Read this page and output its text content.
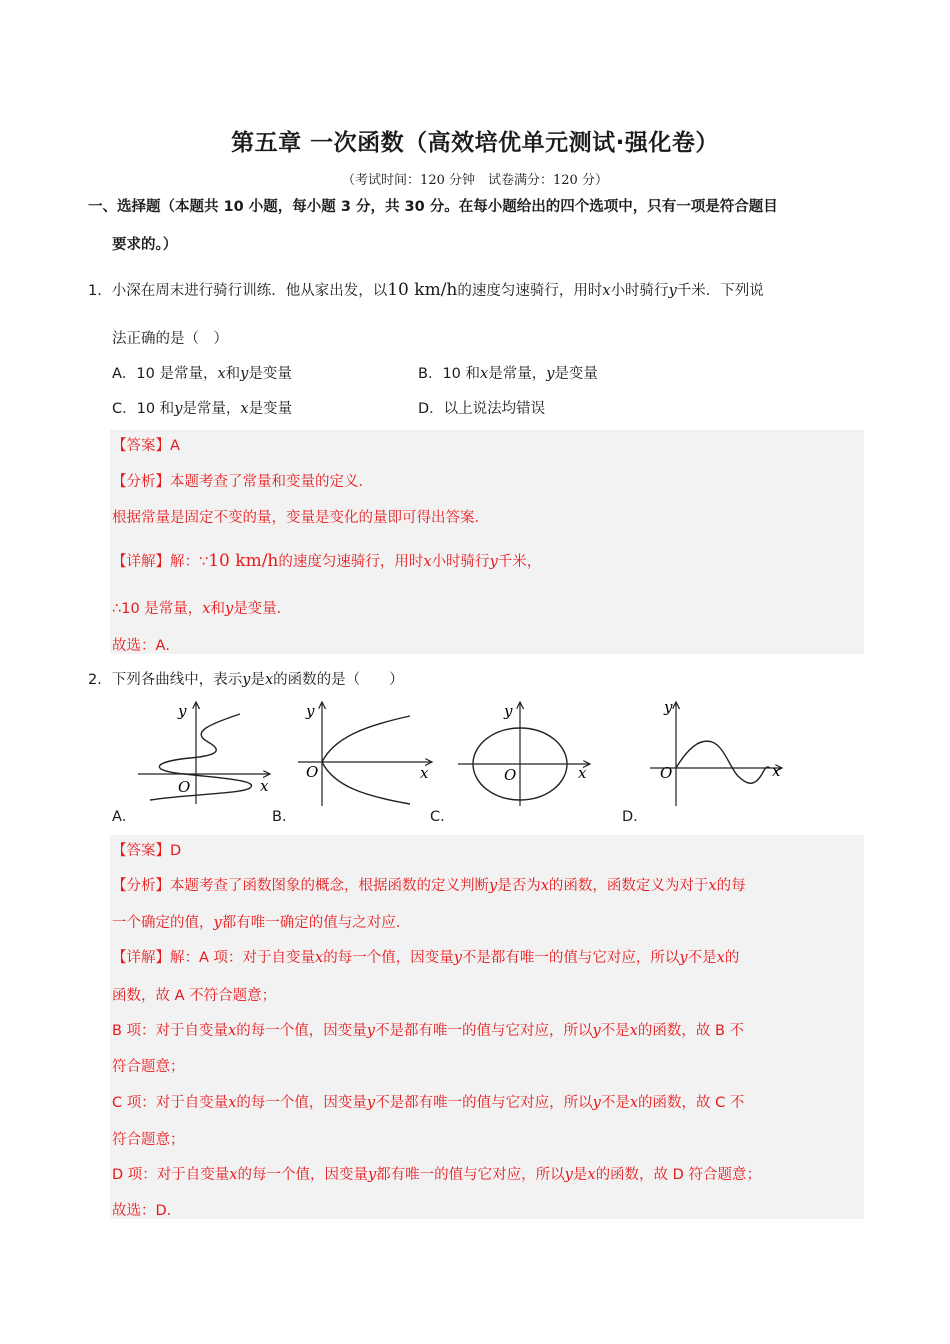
第五章 一次函数（高效培优单元测试·强化卷）
（考试时间：120 分钟　试卷满分：120 分）
一、选择题（本题共 10 小题，每小题 3 分，共 30 分。在每小题给出的四个选项中，只有一项是符合题目
要求的。）
1．小深在周末进行骑行训练．他从家出发，以10 km/h的速度匀速骑行，用时x小时骑行y千米．下列说
法正确的是（　）
A．10 是常量，x和y是变量	B．10 和x是常量，y是变量
C．10 和y是常量，x是变量	D．以上说法均错误
【答案】A
【分析】本题考查了常量和变量的定义．
根据常量是固定不变的量，变量是变化的量即可得出答案．
【详解】解：∵10 km/h的速度匀速骑行，用时x小时骑行y千米，
∴10 是常量，x和y是变量．
故选：A．
2．下列各曲线中，表示y是x的函数的是（　　）
x
y
O
A．
x
y
O
B．
x
y
O
C．
x
y
O
D．
【答案】D
【分析】本题考查了函数图象的概念，根据函数的定义判断y是否为x的函数，函数定义为对于x的每
一个确定的值，y都有唯一确定的值与之对应．
【详解】解：A 项：对于自变量x的每一个值，因变量y不是都有唯一的值与它对应，所以y不是x的
函数，故 A 不符合题意；
B 项：对于自变量x的每一个值，因变量y不是都有唯一的值与它对应，所以y不是x的函数，故 B 不
符合题意；
C 项：对于自变量x的每一个值，因变量y不是都有唯一的值与它对应，所以y不是x的函数，故 C 不
符合题意；
D 项：对于自变量x的每一个值，因变量y都有唯一的值与它对应，所以y是x的函数，故 D 符合题意；
故选：D．
